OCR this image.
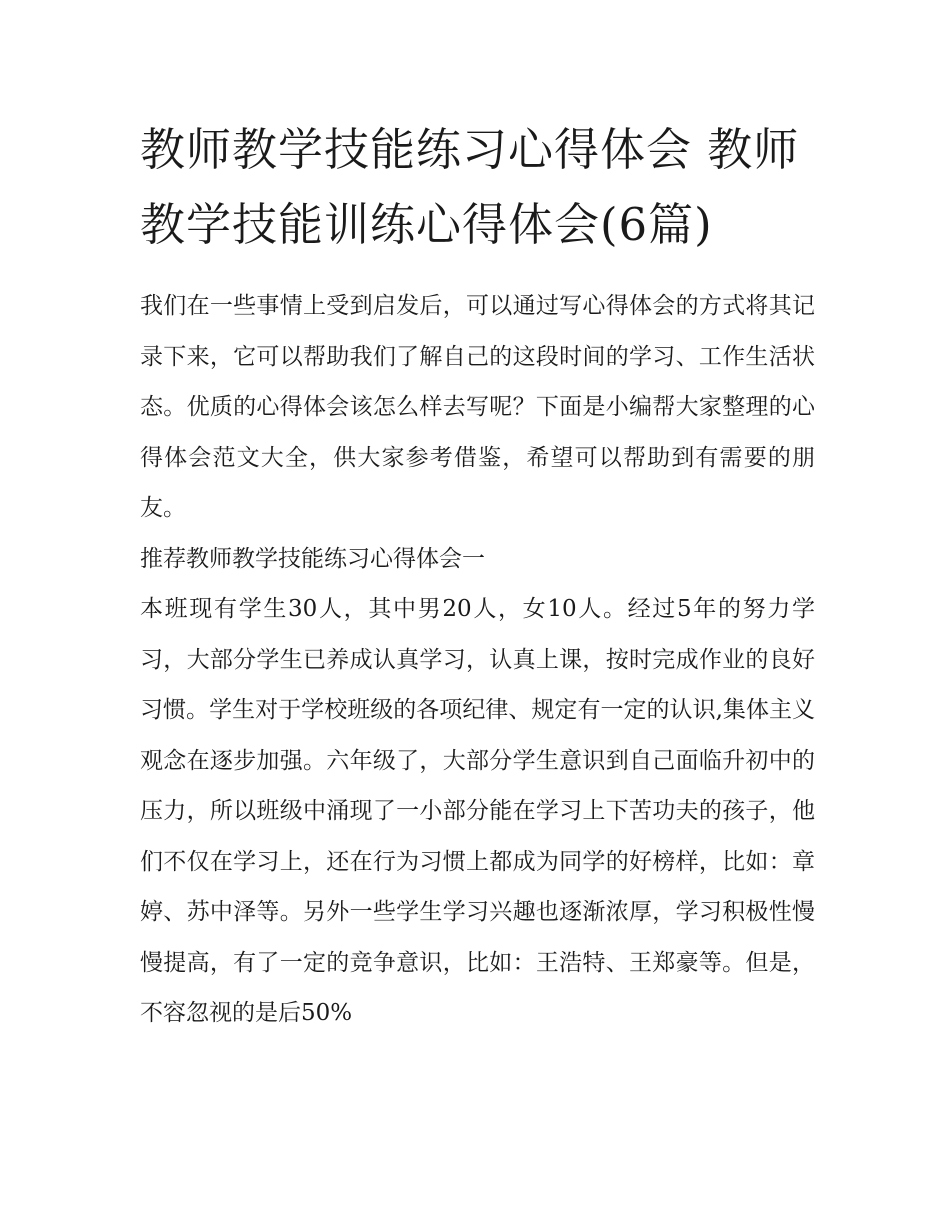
教师教学技能练习心得体会 教师教学技能训练心得体会(6篇)

我们在一些事情上受到启发后，可以通过写心得体会的方式将其记录下来，它可以帮助我们了解自己的这段时间的学习、工作生活状态。优质的心得体会该怎么样去写呢？下面是小编帮大家整理的心得体会范文大全，供大家参考借鉴，希望可以帮助到有需要的朋友。

推荐教师教学技能练习心得体会一

本班现有学生30人，其中男20人，女10人。经过5年的努力学习，大部分学生已养成认真学习，认真上课，按时完成作业的良好习惯。学生对于学校班级的各项纪律、规定有一定的认识,集体主义观念在逐步加强。六年级了，大部分学生意识到自己面临升初中的压力，所以班级中涌现了一小部分能在学习上下苦功夫的孩子，他们不仅在学习上，还在行为习惯上都成为同学的好榜样，比如：章婷、苏中泽等。另外一些学生学习兴趣也逐渐浓厚，学习积极性慢慢提高，有了一定的竞争意识，比如：王浩特、王郑豪等。但是，不容忽视的是后50%
